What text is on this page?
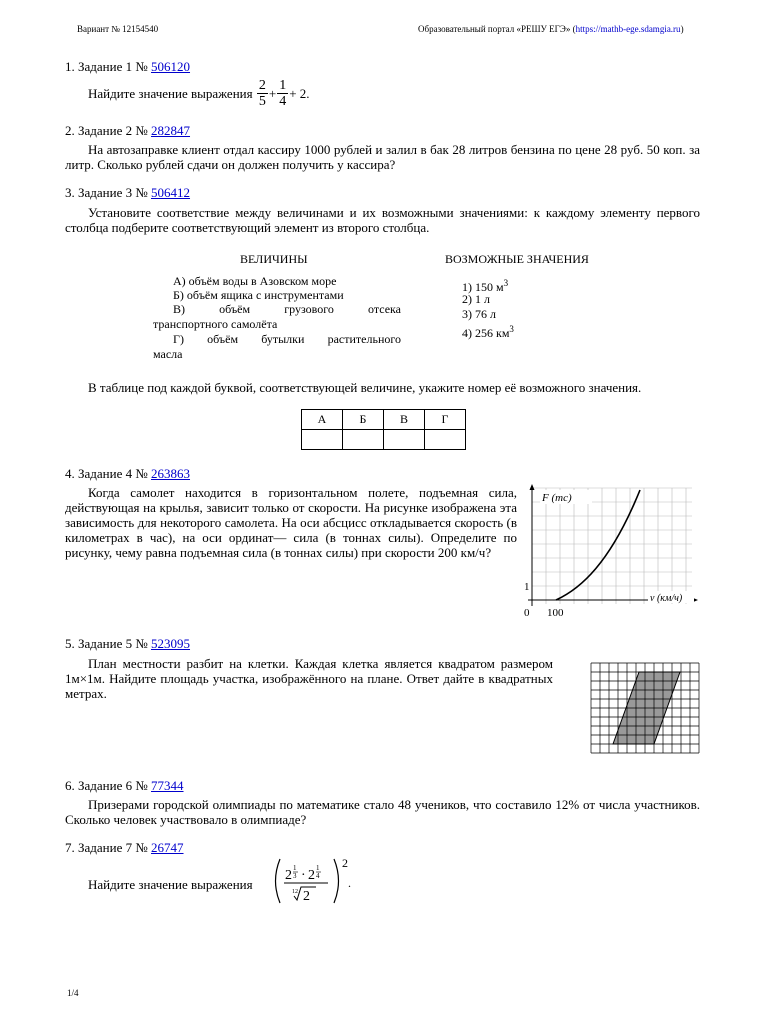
Вариант № 12154540	Образовательный портал «РЕШУ ЕГЭ» (https://mathb-ege.sdamgia.ru)
1. Задание 1 № 506120
Найдите значение выражения $\frac{2}{5} + \frac{1}{4} + 2$.
2. Задание 2 № 282847
На автозаправке клиент отдал кассиру 1000 рублей и залил в бак 28 литров бензина по цене 28 руб. 50 коп. за литр. Сколько рублей сдачи он должен получить у кассира?
3. Задание 3 № 506412
Установите соответствие между величинами и их возможными значениями: к каждому элементу первого столбца подберите соответствующий элемент из второго столбца.
ВЕЛИЧИНЫ	ВОЗМОЖНЫЕ ЗНАЧЕНИЯ
А) объём воды в Азовском море
Б) объём ящика с инструментами
В) объём грузового отсека
транспортного самолёта
Г) объём бутылки растительного
масла
1) 150 $м^3$
2) 1 л
3) 76 л
4) 256 $км^3$
В таблице под каждой буквой, соответствующей величине, укажите номер её возможного значения.
А	Б	В	Г

4. Задание 4 № 263863
Когда самолет находится в горизонтальном полете, подъемная сила, действующая на крылья, зависит только от скорости. На рисунке изображена эта зависимость для некоторого самолета. На оси абсцисс откладывается скорость (в километрах в час), на оси ординат— сила (в тоннах силы). Определите по рисунку, чему равна подъемная сила (в тоннах силы) при скорости 200 км/ч?
F (тс)
v (км/ч)
1
0 100
5. Задание 5 № 523095
План местности разбит на клетки. Каждая клетка является квадратом размером 1м×1м. Найдите площадь участка, изображённого на плане. Ответ дайте в квадратных метрах.
6. Задание 6 № 77344
Призерами городской олимпиады по математике стало 48 учеников, что составило 12% от числа участников. Сколько человек участвовало в олимпиаде?
7. Задание 7 № 26747
Найдите значение выражения
2 1
3 · 2 1
4
12 2
2
.
1/4
